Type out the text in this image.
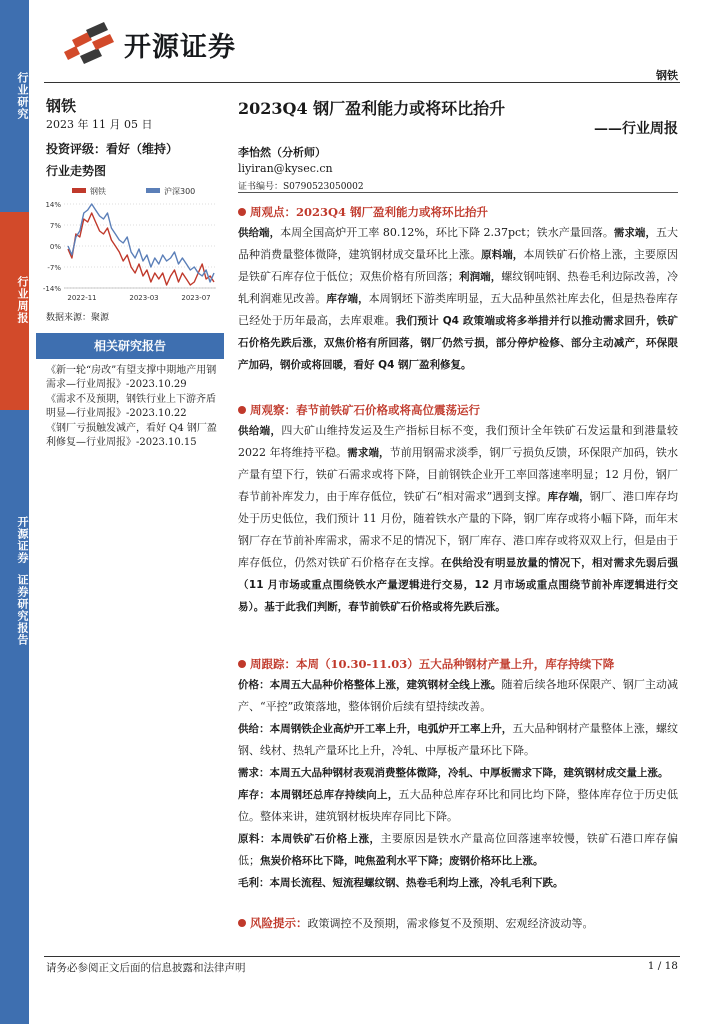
行业研究
行业周报
开源证券
证券研究报告
开源证券
钢铁
钢铁
2023 年 11 月 05 日
投资评级：看好（维持）
行业走势图
钢铁	沪深300
14%
7%
0%
-7%
-14%
2022-11	2023-03	2023-07
数据来源：聚源
相关研究报告
《新一轮“房改”有望支撑中期地产用钢需求—行业周报》-2023.10.29
《需求不及预期，钢铁行业上下游齐盾明显—行业周报》-2023.10.22
《钢厂亏损触发减产，看好 Q4 钢厂盈利修复—行业周报》-2023.10.15
2023Q4 钢厂盈利能力或将环比抬升
——行业周报
李怡然（分析师）
liyiran@kysec.cn
证书编号：S0790523050002
周观点：2023Q4 钢厂盈利能力或将环比抬升
供给端，本周全国高炉开工率 80.12%，环比下降 2.37pct；铁水产量回落。需求端，五大品种消费量整体微降，建筑钢材成交量环比上涨。原料端，本周铁矿石价格上涨，主要原因是铁矿石库存位于低位；双焦价格有所回落；利润端，螺纹钢吨钢、热卷毛利边际改善，冷轧利润难见改善。库存端，本周钢坯下游类库明显，五大品种虽然社库去化，但是热卷库存已经处于历年最高，去库艰难。我们预计 Q4 政策端或将多举措并行以推动需求回升，铁矿石价格先跌后涨，双焦价格有所回落，钢厂仍然亏损，部分停炉检修、部分主动减产，环保限产加码，钢价或将回暖，看好 Q4 钢厂盈利修复。
周观察：春节前铁矿石价格或将高位震荡运行
供给端，四大矿山维持发运及生产指标目标不变，我们预计全年铁矿石发运量和到港量较 2022 年将维持平稳。需求端，节前用钢需求淡季，钢厂亏损负反馈，环保限产加码，铁水产量有望下行，铁矿石需求或将下降，目前钢铁企业开工率回落速率明显；12 月份，钢厂春节前补库发力，由于库存低位，铁矿石“相对需求”遇到支撑。库存端，钢厂、港口库存均处于历史低位，我们预计 11 月份，随着铁水产量的下降，钢厂库存或将小幅下降，而年末钢厂存在节前补库需求，需求不足的情况下，钢厂库存、港口库存或将双双上行，但是由于库存低位，仍然对铁矿石价格存在支撑。在供给没有明显放量的情况下，相对需求先弱后强（11 月市场或重点围绕铁水产量逻辑进行交易，12 月市场或重点围绕节前补库逻辑进行交易）。基于此我们判断，春节前铁矿石价格或将先跌后涨。
周跟踪：本周（10.30-11.03）五大品种钢材产量上升，库存持续下降
价格：本周五大品种价格整体上涨，建筑钢材全线上涨。随着后续各地环保限产、钢厂主动减产、“平控”政策落地，整体钢价后续有望持续改善。
供给：本周钢铁企业高炉开工率上升，电弧炉开工率上升，五大品种钢材产量整体上涨，螺纹钢、线材、热轧产量环比上升，冷轧、中厚板产量环比下降。
需求：本周五大品种钢材表观消费整体微降，冷轧、中厚板需求下降，建筑钢材成交量上涨。
库存：本周钢坯总库存持续向上，五大品种总库存环比和同比均下降，整体库存位于历史低位。整体来讲，建筑钢材板块库存同比下降。
原料：本周铁矿石价格上涨，主要原因是铁水产量高位回落速率较慢，铁矿石港口库存偏低；焦炭价格环比下降，吨焦盈利水平下降；废钢价格环比上涨。
毛利：本周长流程、短流程螺纹钢、热卷毛利均上涨，冷轧毛利下跌。
风险提示：政策调控不及预期，需求修复不及预期、宏观经济波动等。
请务必参阅正文后面的信息披露和法律声明	1 / 18
